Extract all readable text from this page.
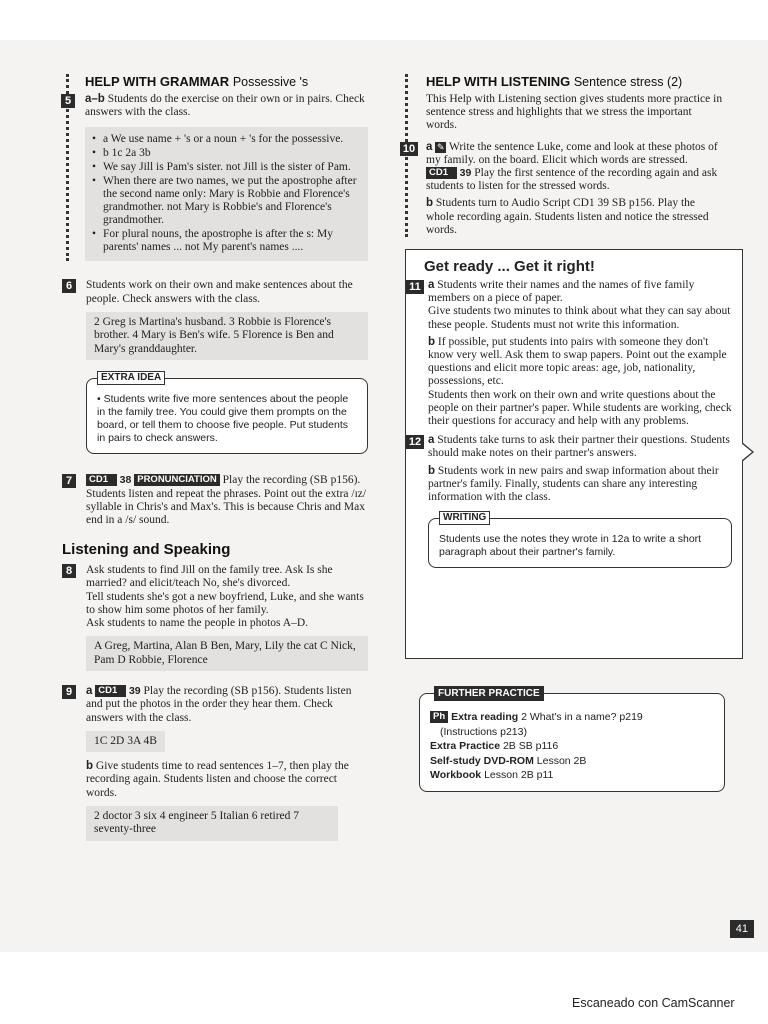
HELP WITH GRAMMAR Possessive 's
5	a–b Students do the exercise on their own or in pairs. Check answers with the class.

• a We use name + 's or a noun + 's for the possessive.
• b 1c 2a 3b
• We say Jill is Pam's sister. not Jill is the sister of Pam.
• When there are two names, we put the apostrophe after the second name only: Mary is Robbie and Florence's grandmother. not Mary is Robbie's and Florence's grandmother.
• For plural nouns, the apostrophe is after the s: My parents' names ... not My parent's names ....
6	Students work on their own and make sentences about the people. Check answers with the class.

2 Greg is Martina's husband. 3 Robbie is Florence's brother. 4 Mary is Ben's wife. 5 Florence is Ben and Mary's granddaughter.
EXTRA IDEA

• Students write five more sentences about the people in the family tree. You could give them prompts on the board, or tell them to choose five people. Put students in pairs to check answers.

7	CD1 ▸ 38 PRONUNCIATION Play the recording (SB p156). Students listen and repeat the phrases. Point out the extra /ɪz/ syllable in Chris's and Max's. This is because Chris and Max end in a /s/ sound.

Listening and Speaking
8	Ask students to find Jill on the family tree. Ask Is she married? and elicit/teach No, she's divorced.

Tell students she's got a new boyfriend, Luke, and she wants to show him some photos of her family.

Ask students to name the people in photos A–D.

A Greg, Martina, Alan B Ben, Mary, Lily the cat C Nick, Pam D Robbie, Florence
9	a CD1 ▸ 39 Play the recording (SB p156). Students listen and put the photos in the order they hear them. Check answers with the class.

1C 2D 3A 4B

b Give students time to read sentences 1–7, then play the recording again. Students listen and choose the correct words.

2 doctor 3 six 4 engineer 5 Italian 6 retired 7 seventy-three
HELP WITH LISTENING Sentence stress (2)

This Help with Listening section gives students more practice in sentence stress and highlights that we stress the important words.

10 a ✎ Write the sentence Luke, come and look at these photos of my family. on the board. Elicit which words are stressed.

CD1 ▸ 39 Play the first sentence of the recording again and ask students to listen for the stressed words.

b Students turn to Audio Script CD1 39 SB p156. Play the whole recording again. Students listen and notice the stressed words.

Get ready ... Get it right!
11 a Students write their names and the names of five family members on a piece of paper.

Give students two minutes to think about what they can say about these people. Students must not write this information.

b If possible, put students into pairs with someone they don't know very well. Ask them to swap papers. Point out the example questions and elicit more topic areas: age, job, nationality, possessions, etc.

Students then work on their own and write questions about the people on their partner's paper. While students are working, check their questions for accuracy and help with any problems.

12 a Students take turns to ask their partner their questions. Students should make notes on their partner's answers.

b Students work in new pairs and swap information about their partner's family. Finally, students can share any interesting information with the class.

WRITING

Students use the notes they wrote in 12a to write a short paragraph about their partner's family.

FURTHER PRACTICE

Ph Extra reading 2 What's in a name? p219

(Instructions p213)

Extra Practice 2B SB p116

Self-study DVD-ROM Lesson 2B

Workbook Lesson 2B p11

41
Escaneado con CamScanner
